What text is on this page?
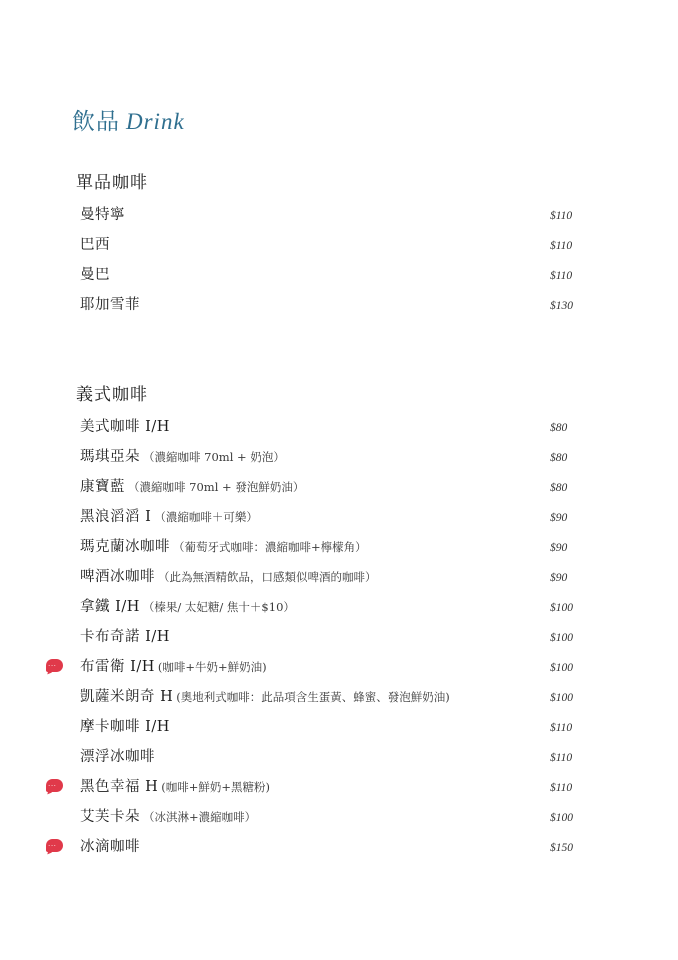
飲品 Drink
單品咖啡
曼特寧	$110
巴西	$110
曼巴	$110
耶加雪菲	$130
義式咖啡
美式咖啡 I/H	$80
瑪琪亞朵 （濃縮咖啡 70ml + 奶泡）	$80
康寶藍 （濃縮咖啡 70ml + 發泡鮮奶油）	$80
黑浪滔滔 I （濃縮咖啡＋可樂）	$90
瑪克蘭冰咖啡 （葡萄牙式咖啡：濃縮咖啡+檸檬角）	$90
啤酒冰咖啡 （此為無酒精飲品，口感類似啤酒的咖啡）	$90
拿鐵 I/H （榛果/ 太妃糖/ 焦十＋$10）	$100
卡布奇諾 I/H	$100
··· 布雷衛 I/H (咖啡+牛奶+鮮奶油)	$100
凱薩米朗奇 H (奧地利式咖啡：此品項含生蛋黃、蜂蜜、發泡鮮奶油)	$100
摩卡咖啡 I/H	$110
漂浮冰咖啡	$110
··· 黑色幸福 H (咖啡+鮮奶+黑糖粉)	$110
艾芙卡朵 （冰淇淋+濃縮咖啡）	$100
··· 冰滴咖啡	$150
